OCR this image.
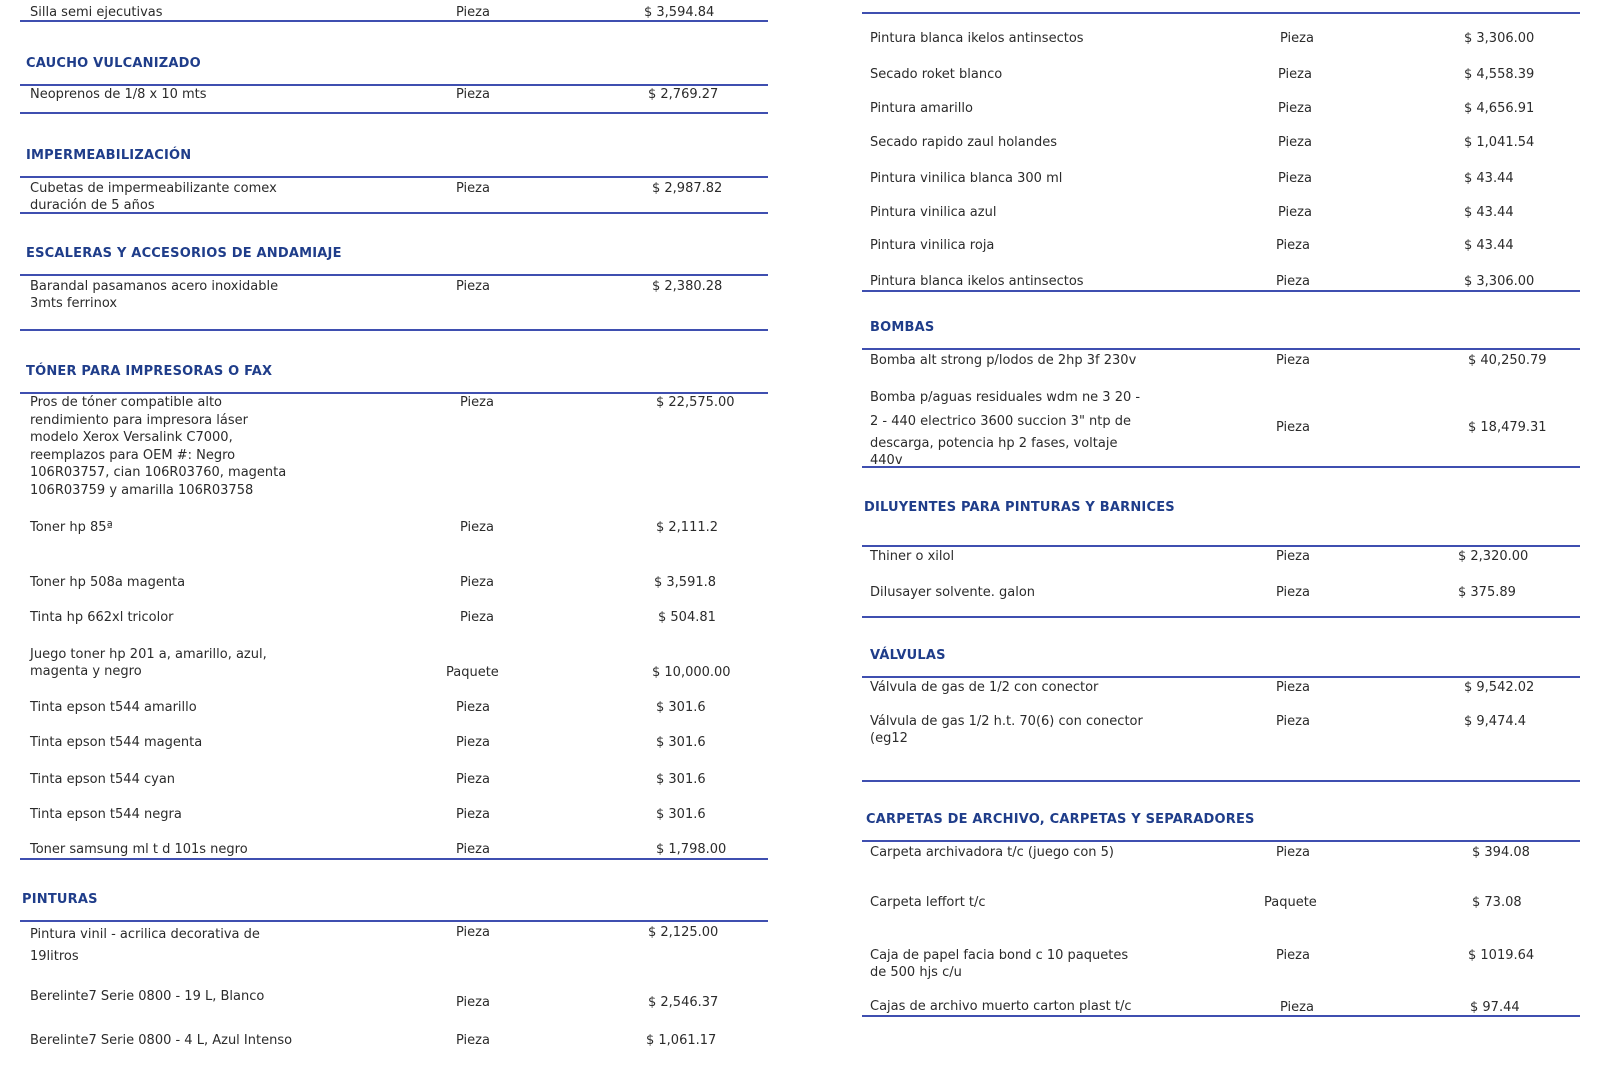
Silla semi ejecutivas	Pieza	$ 3,594.84
CAUCHO VULCANIZADO
Neoprenos de 1/8 x 10 mts	Pieza	$ 2,769.27
IMPERMEABILIZACIÓN
Cubetas de impermeabilizante comex
duración de 5 años
Pieza	$ 2,987.82
ESCALERAS Y ACCESORIOS DE ANDAMIAJE
Barandal pasamanos acero inoxidable
3mts ferrinox
Pieza	$ 2,380.28
TÓNER PARA IMPRESORAS O FAX
Pros de tóner compatible alto
rendimiento para impresora láser
modelo Xerox Versalink C7000,
reemplazos para OEM #: Negro
106R03757, cian 106R03760, magenta
106R03759 y amarilla 106R03758
Pieza	$ 22,575.00
Toner hp 85ª	Pieza	$ 2,111.2
Toner hp 508a magenta	Pieza	$ 3,591.8
Tinta hp 662xl tricolor	Pieza	$ 504.81
Juego toner hp 201 a, amarillo, azul,
magenta y negro	Paquete	$ 10,000.00
Tinta epson t544 amarillo	Pieza	$ 301.6
Tinta epson t544 magenta	Pieza	$ 301.6
Tinta epson t544 cyan	Pieza	$ 301.6
Tinta epson t544 negra	Pieza	$ 301.6
Toner samsung ml t d 101s negro	Pieza	$ 1,798.00
PINTURAS
Pintura vinil - acrilica decorativa de
19litros
Pieza	$ 2,125.00
Berelinte7 Serie 0800 - 19 L, Blanco	Pieza	$ 2,546.37
Berelinte7 Serie 0800 - 4 L, Azul Intenso	Pieza	$ 1,061.17
Pintura blanca ikelos antinsectos	Pieza	$ 3,306.00
Secado roket blanco	Pieza	$ 4,558.39
Pintura amarillo	Pieza	$ 4,656.91
Secado rapido zaul holandes	Pieza	$ 1,041.54
Pintura vinilica blanca 300 ml	Pieza	$ 43.44
Pintura vinilica azul	Pieza	$ 43.44
Pintura vinilica roja	Pieza	$ 43.44
Pintura blanca ikelos antinsectos	Pieza	$ 3,306.00
BOMBAS
Bomba alt strong p/lodos de 2hp 3f 230v	Pieza	$ 40,250.79
Bomba p/aguas residuales wdm ne 3 20 -
2 - 440 electrico 3600 succion 3" ntp de
descarga, potencia hp 2 fases, voltaje
440v
Pieza	$ 18,479.31
DILUYENTES PARA PINTURAS Y BARNICES
Thiner o xilol	Pieza	$ 2,320.00
Dilusayer solvente. galon	Pieza	$ 375.89
VÁLVULAS
Válvula de gas de 1/2 con conector	Pieza	$ 9,542.02
Válvula de gas 1/2 h.t. 70(6) con conector
(eg12
Pieza	$ 9,474.4
CARPETAS DE ARCHIVO, CARPETAS Y SEPARADORES
Carpeta archivadora t/c (juego con 5)	Pieza	$ 394.08
Carpeta leffort t/c	Paquete	$ 73.08
Caja de papel facia bond c 10 paquetes
de 500 hjs c/u
Pieza	$ 1019.64
Cajas de archivo muerto carton plast t/c	Pieza	$ 97.44
